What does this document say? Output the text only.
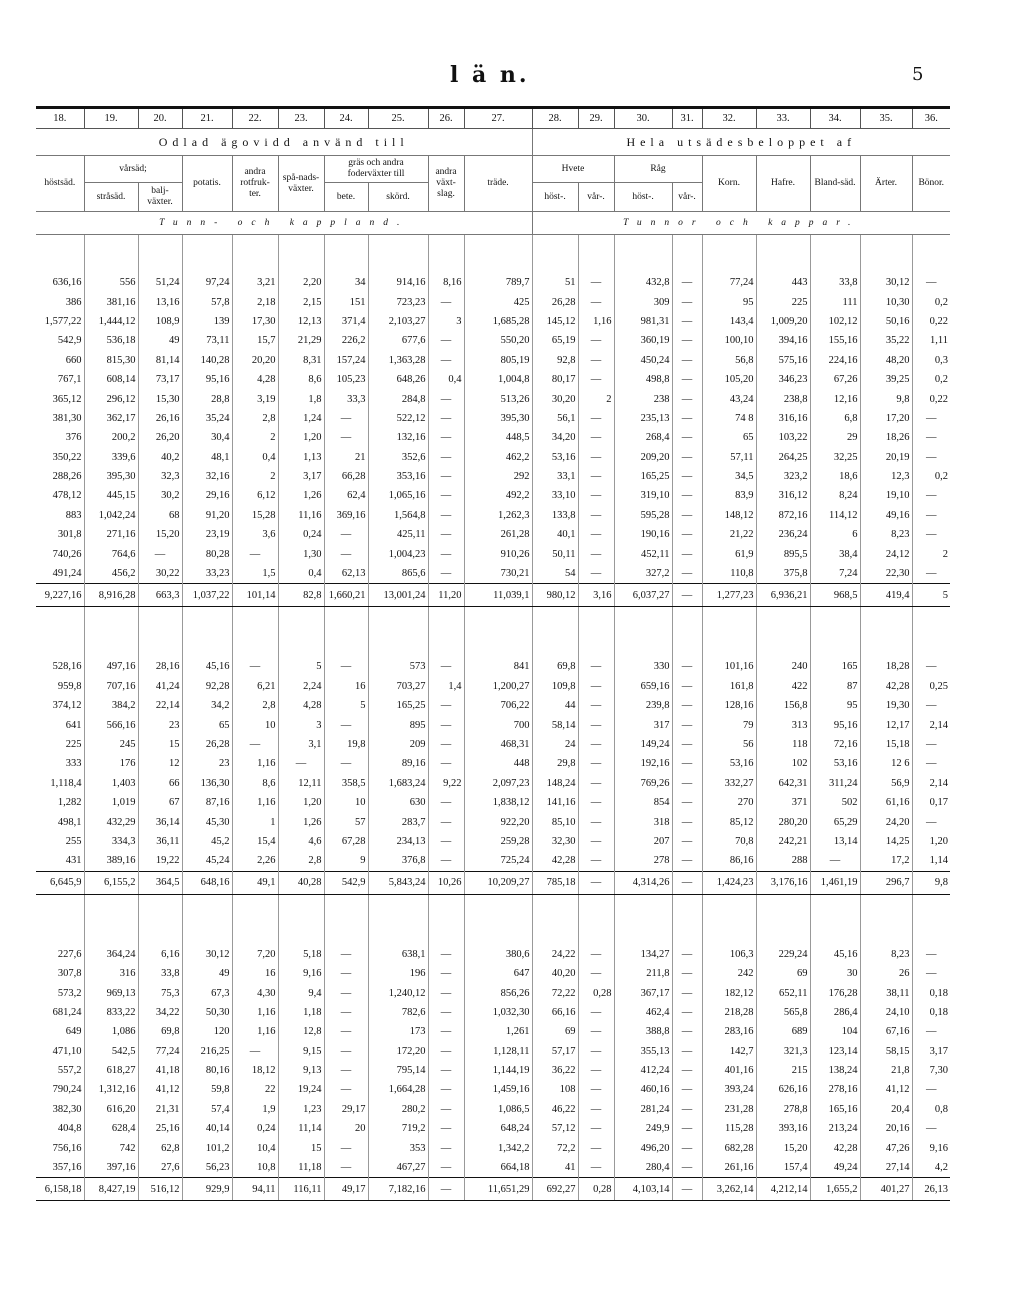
l ä n.	5
18.	19.	20.	21.	22.	23.	24.	25.	26.	27.	28.	29.	30.	31.	32.	33.	34.	35.	36.
Odlad ägovidd använd till										Hela utsädesbeloppet af								
höstsäd.	vårsäd;		potatis.	andra rotfruk-ter.	spå-nads-växter.	gräs och andra foderväxter till		andra växt-slag.	träde.	Hvete		Råg		Korn.	Hafre.	Bland-säd.	Ärter.	Bönor.
	stråsäd.	balj-växter.				bete.	skörd.			höst-.	vår-.	höst-.	vår-.					
Tunn- och kappland.										Tunnor och kappar.								

636,16	556	51,24	97,24	3,21	2,20	34	914,16	8,16	789,7	51	—	432,8	—	77,24	443	33,8	30,12	—
386	381,16	13,16	57,8	2,18	2,15	151	723,23	—	425	26,28	—	309	—	95	225	111	10,30	0,2
1,577,22	1,444,12	108,9	139	17,30	12,13	371,4	2,103,27	3	1,685,28	145,12	1,16	981,31	—	143,4	1,009,20	102,12	50,16	0,22
542,9	536,18	49	73,11	15,7	21,29	226,2	677,6	—	550,20	65,19	—	360,19	—	100,10	394,16	155,16	35,22	1,11
660	815,30	81,14	140,28	20,20	8,31	157,24	1,363,28	—	805,19	92,8	—	450,24	—	56,8	575,16	224,16	48,20	0,3
767,1	608,14	73,17	95,16	4,28	8,6	105,23	648,26	0,4	1,004,8	80,17	—	498,8	—	105,20	346,23	67,26	39,25	0,2
365,12	296,12	15,30	28,8	3,19	1,8	33,3	284,8	—	513,26	30,20	2	238	—	43,24	238,8	12,16	9,8	0,22
381,30	362,17	26,16	35,24	2,8	1,24	—	522,12	—	395,30	56,1	—	235,13	—	74 8	316,16	6,8	17,20	—
376	200,2	26,20	30,4	2	1,20	—	132,16	—	448,5	34,20	—	268,4	—	65	103,22	29	18,26	—
350,22	339,6	40,2	48,1	0,4	1,13	21	352,6	—	462,2	53,16	—	209,20	—	57,11	264,25	32,25	20,19	—
288,26	395,30	32,3	32,16	2	3,17	66,28	353,16	—	292	33,1	—	165,25	—	34,5	323,2	18,6	12,3	0,2
478,12	445,15	30,2	29,16	6,12	1,26	62,4	1,065,16	—	492,2	33,10	—	319,10	—	83,9	316,12	8,24	19,10	—
883	1,042,24	68	91,20	15,28	11,16	369,16	1,564,8	—	1,262,3	133,8	—	595,28	—	148,12	872,16	114,12	49,16	—
301,8	271,16	15,20	23,19	3,6	0,24	—	425,11	—	261,28	40,1	—	190,16	—	21,22	236,24	6	8,23	—
740,26	764,6	—	80,28	—	1,30	—	1,004,23	—	910,26	50,11	—	452,11	—	61,9	895,5	38,4	24,12	2
491,24	456,2	30,22	33,23	1,5	0,4	62,13	865,6	—	730,21	54	—	327,2	—	110,8	375,8	7,24	22,30	—
9,227,16	8,916,28	663,3	1,037,22	101,14	82,8	1,660,21	13,001,24	11,20	11,039,1	980,12	3,16	6,037,27	—	1,277,23	6,936,21	968,5	419,4	5

528,16	497,16	28,16	45,16	—	5	—	573	—	841	69,8	—	330	—	101,16	240	165	18,28	—
959,8	707,16	41,24	92,28	6,21	2,24	16	703,27	1,4	1,200,27	109,8	—	659,16	—	161,8	422	87	42,28	0,25
374,12	384,2	22,14	34,2	2,8	4,28	5	165,25	—	706,22	44	—	239,8	—	128,16	156,8	95	19,30	—
641	566,16	23	65	10	3	—	895	—	700	58,14	—	317	—	79	313	95,16	12,17	2,14
225	245	15	26,28	—	3,1	19,8	209	—	468,31	24	—	149,24	—	56	118	72,16	15,18	—
333	176	12	23	1,16	—	—	89,16	—	448	29,8	—	192,16	—	53,16	102	53,16	12 6	—
1,118,4	1,403	66	136,30	8,6	12,11	358,5	1,683,24	9,22	2,097,23	148,24	—	769,26	—	332,27	642,31	311,24	56,9	2,14
1,282	1,019	67	87,16	1,16	1,20	10	630	—	1,838,12	141,16	—	854	—	270	371	502	61,16	0,17
498,1	432,29	36,14	45,30	1	1,26	57	283,7	—	922,20	85,10	—	318	—	85,12	280,20	65,29	24,20	—
255	334,3	36,11	45,2	15,4	4,6	67,28	234,13	—	259,28	32,30	—	207	—	70,8	242,21	13,14	14,25	1,20
431	389,16	19,22	45,24	2,26	2,8	9	376,8	—	725,24	42,28	—	278	—	86,16	288	—	17,2	1,14
6,645,9	6,155,2	364,5	648,16	49,1	40,28	542,9	5,843,24	10,26	10,209,27	785,18	—	4,314,26	—	1,424,23	3,176,16	1,461,19	296,7	9,8

227,6	364,24	6,16	30,12	7,20	5,18	—	638,1	—	380,6	24,22	—	134,27	—	106,3	229,24	45,16	8,23	—
307,8	316	33,8	49	16	9,16	—	196	—	647	40,20	—	211,8	—	242	69	30	26	—
573,2	969,13	75,3	67,3	4,30	9,4	—	1,240,12	—	856,26	72,22	0,28	367,17	—	182,12	652,11	176,28	38,11	0,18
681,24	833,22	34,22	50,30	1,16	1,18	—	782,6	—	1,032,30	66,16	—	462,4	—	218,28	565,8	286,4	24,10	0,18
649	1,086	69,8	120	1,16	12,8	—	173	—	1,261	69	—	388,8	—	283,16	689	104	67,16	—
471,10	542,5	77,24	216,25	—	9,15	—	172,20	—	1,128,11	57,17	—	355,13	—	142,7	321,3	123,14	58,15	3,17
557,2	618,27	41,18	80,16	18,12	9,13	—	795,14	—	1,144,19	36,22	—	412,24	—	401,16	215	138,24	21,8	7,30
790,24	1,312,16	41,12	59,8	22	19,24	—	1,664,28	—	1,459,16	108	—	460,16	—	393,24	626,16	278,16	41,12	—
382,30	616,20	21,31	57,4	1,9	1,23	29,17	280,2	—	1,086,5	46,22	—	281,24	—	231,28	278,8	165,16	20,4	0,8
404,8	628,4	25,16	40,14	0,24	11,14	20	719,2	—	648,24	57,12	—	249,9	—	115,28	393,16	213,24	20,16	—
756,16	742	62,8	101,2	10,4	15	—	353	—	1,342,2	72,2	—	496,20	—	682,28	15,20	42,28	47,26	9,16
357,16	397,16	27,6	56,23	10,8	11,18	—	467,27	—	664,18	41	—	280,4	—	261,16	157,4	49,24	27,14	4,2
6,158,18	8,427,19	516,12	929,9	94,11	116,11	49,17	7,182,16	—	11,651,29	692,27	0,28	4,103,14	—	3,262,14	4,212,14	1,655,2	401,27	26,13
